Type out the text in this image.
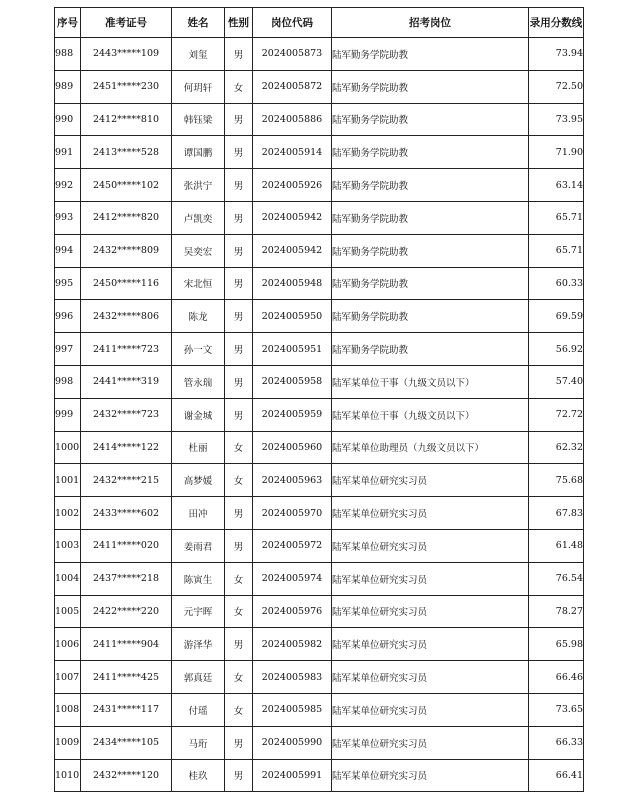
序号	准考证号	姓名	性别	岗位代码	招考岗位	录用分数线
988	2443*****109	刘玺	男	2024005873	陆军勤务学院助教	73.94
989	2451*****230	何玥轩	女	2024005872	陆军勤务学院助教	72.50
990	2412*****810	韩钰梁	男	2024005886	陆军勤务学院助教	73.95
991	2413*****528	谭国鹏	男	2024005914	陆军勤务学院助教	71.90
992	2450*****102	张洪宁	男	2024005926	陆军勤务学院助教	63.14
993	2412*****820	卢凯奕	男	2024005942	陆军勤务学院助教	65.71
994	2432*****809	吴奕宏	男	2024005942	陆军勤务学院助教	65.71
995	2450*****116	宋北恒	男	2024005948	陆军勤务学院助教	60.33
996	2432*****806	陈龙	男	2024005950	陆军勤务学院助教	69.59
997	2411*****723	孙一文	男	2024005951	陆军勤务学院助教	56.92
998	2441*****319	管永瑞	男	2024005958	陆军某单位干事（九级文员以下）	57.40
999	2432*****723	谢金城	男	2024005959	陆军某单位干事（九级文员以下）	72.72
1000	2414*****122	杜丽	女	2024005960	陆军某单位助理员（九级文员以下）	62.32
1001	2432*****215	高梦媛	女	2024005963	陆军某单位研究实习员	75.68
1002	2433*****602	田冲	男	2024005970	陆军某单位研究实习员	67.83
1003	2411*****020	姜雨君	男	2024005972	陆军某单位研究实习员	61.48
1004	2437*****218	陈寅生	女	2024005974	陆军某单位研究实习员	76.54
1005	2422*****220	元宇晖	女	2024005976	陆军某单位研究实习员	78.27
1006	2411*****904	游泽华	男	2024005982	陆军某单位研究实习员	65.98
1007	2411*****425	郭真廷	女	2024005983	陆军某单位研究实习员	66.46
1008	2431*****117	付瑶	女	2024005985	陆军某单位研究实习员	73.65
1009	2434*****105	马珩	男	2024005990	陆军某单位研究实习员	66.33
1010	2432*****120	桂玖	男	2024005991	陆军某单位研究实习员	66.41
